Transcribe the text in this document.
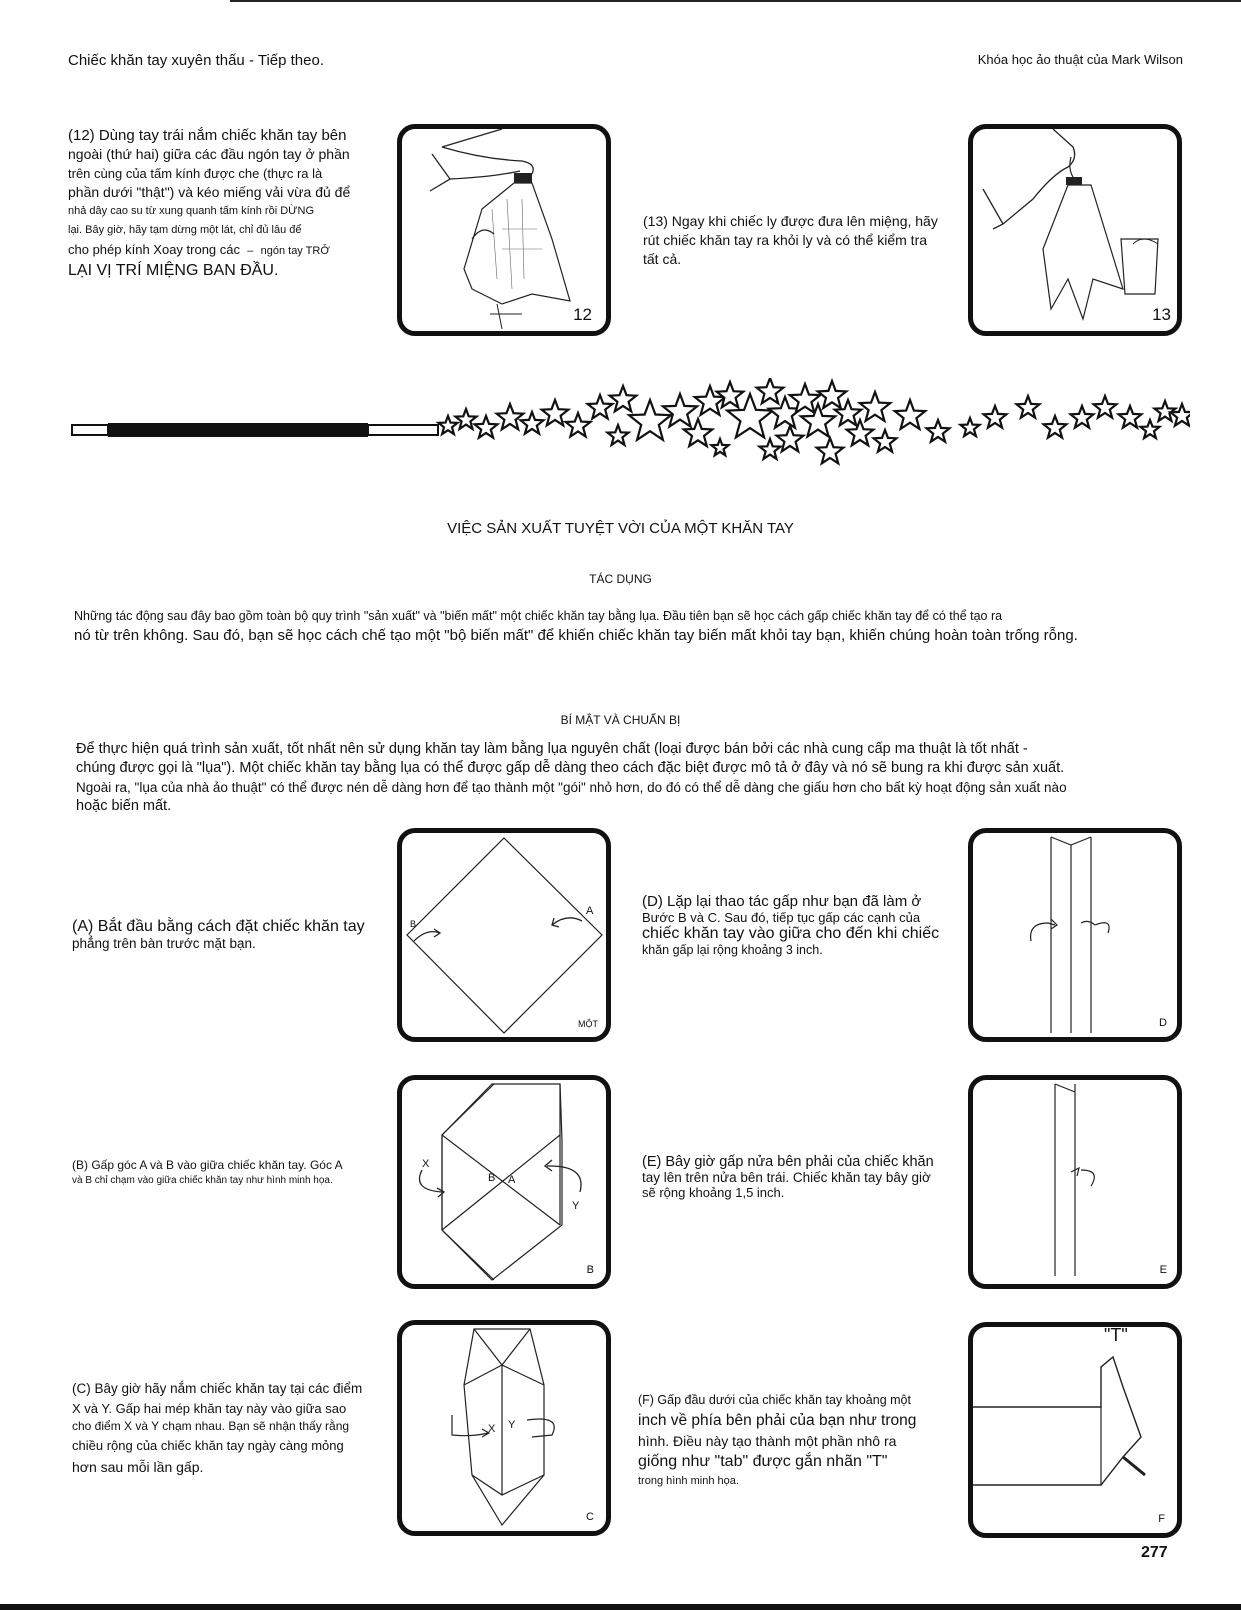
Chiếc khăn tay xuyên thấu - Tiếp theo.	Khóa học ảo thuật của Mark Wilson
(12) Dùng tay trái nắm chiếc khăn tay bên
ngoài (thứ hai) giữa các đầu ngón tay ở phần
trên cùng của tấm kính được che (thực ra là
phần dưới "thật") và kéo miếng vải vừa đủ để
nhả dây cao su từ xung quanh tấm kính rồi DỪNG
lại. Bây giờ, hãy tạm dừng một lát, chỉ đủ lâu để
cho phép kính Xoay trong các – ngón tay TRỞ
LẠI VỊ TRÍ MIỆNG BAN ĐẦU.
12
(13) Ngay khi chiếc ly được đưa lên miệng, hãy
rút chiếc khăn tay ra khỏi ly và có thể kiểm tra
tất cả.
13
VIỆC SẢN XUẤT TUYỆT VỜI CỦA MỘT KHĂN TAY
TÁC DỤNG
Những tác động sau đây bao gồm toàn bộ quy trình "sản xuất" và "biến mất" một chiếc khăn tay bằng lụa. Đầu tiên bạn sẽ học cách gấp chiếc khăn tay để có thể tạo ra
nó từ trên không. Sau đó, bạn sẽ học cách chế tạo một "bộ biến mất" để khiến chiếc khăn tay biến mất khỏi tay bạn, khiến chúng hoàn toàn trống rỗng.
BÍ MẬT VÀ CHUẨN BỊ
Để thực hiện quá trình sản xuất, tốt nhất nên sử dụng khăn tay làm bằng lụa nguyên chất (loại được bán bởi các nhà cung cấp ma thuật là tốt nhất -
chúng được gọi là "lụa"). Một chiếc khăn tay bằng lụa có thể được gấp dễ dàng theo cách đặc biệt được mô tả ở đây và nó sẽ bung ra khi được sản xuất.
Ngoài ra, "lụa của nhà ảo thuật" có thể được nén dễ dàng hơn để tạo thành một "gói" nhỏ hơn, do đó có thể dễ dàng che giấu hơn cho bất kỳ hoạt động sản xuất nào
hoặc biến mất.
(A) Bắt đầu bằng cách đặt chiếc khăn tay
phẳng trên bàn trước mặt bạn.
B
A
MỘT
(D) Lặp lại thao tác gấp như bạn đã làm ở
Bước B và C. Sau đó, tiếp tục gấp các cạnh của
chiếc khăn tay vào giữa cho đến khi chiếc
khăn gấp lại rộng khoảng 3 inch.
D
(B) Gấp góc A và B vào giữa chiếc khăn tay. Góc A
và B chỉ chạm vào giữa chiếc khăn tay như hình minh họa.
X
B A
Y
B
(E) Bây giờ gấp nửa bên phải của chiếc khăn
tay lên trên nửa bên trái. Chiếc khăn tay bây giờ
sẽ rộng khoảng 1,5 inch.
E
(C) Bây giờ hãy nắm chiếc khăn tay tại các điểm
X và Y. Gấp hai mép khăn tay này vào giữa sao
cho điểm X và Y chạm nhau. Bạn sẽ nhận thấy rằng
chiều rộng của chiếc khăn tay ngày càng mỏng
hơn sau mỗi lần gấp.
X Y
C
(F) Gấp đầu dưới của chiếc khăn tay khoảng một
inch về phía bên phải của bạn như trong
hình. Điều này tạo thành một phần nhô ra
giống như "tab" được gắn nhãn "T"
trong hình minh họa.
"T"
F
277
